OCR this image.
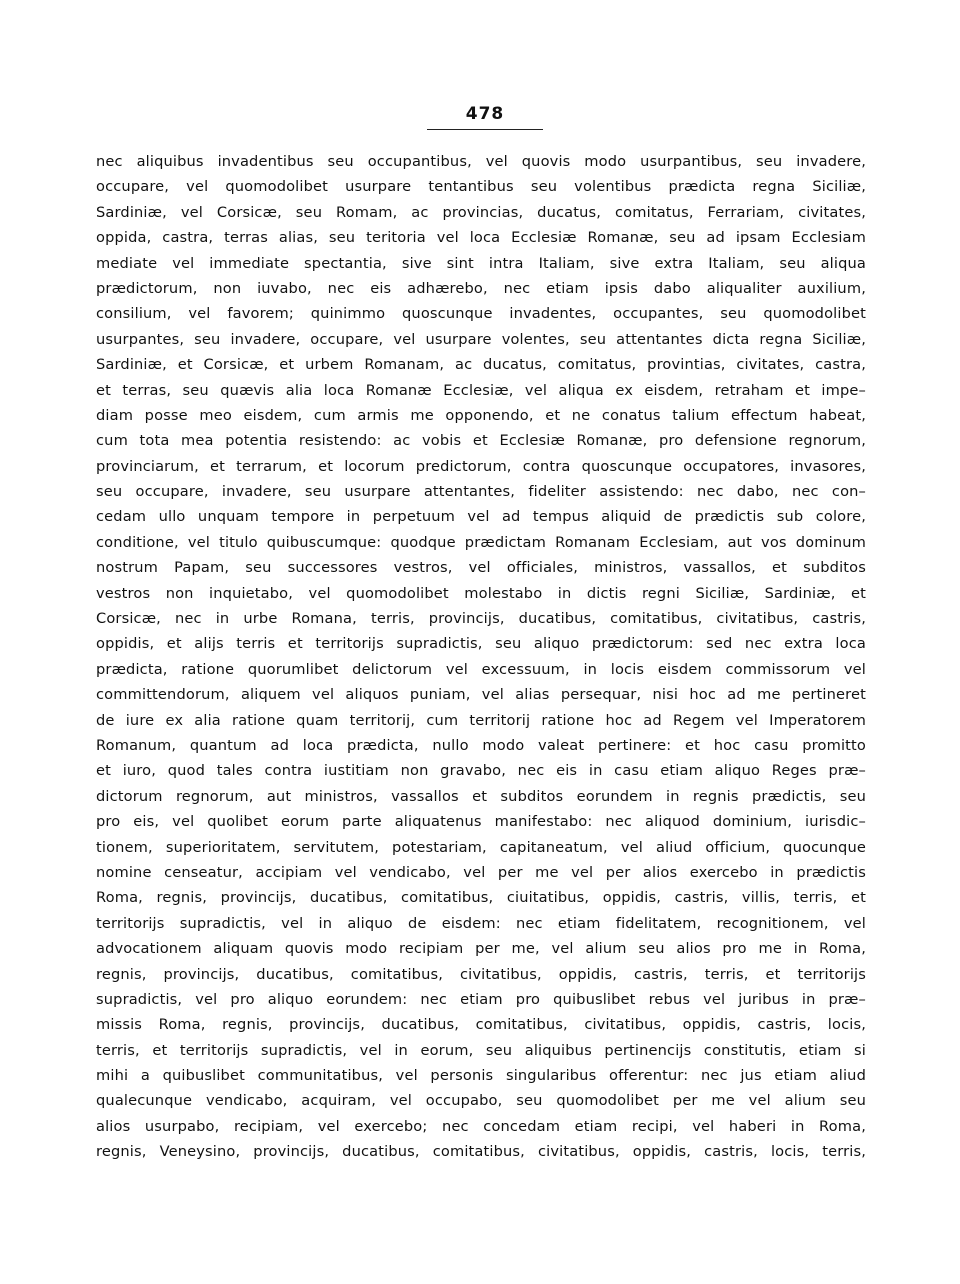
478
nec aliquibus invadentibus seu occupantibus, vel quovis modo usurpantibus, seu invadere,
occupare, vel quomodolibet usurpare tentantibus seu volentibus prædicta regna Siciliæ,
Sardiniæ, vel Corsicæ, seu Romam, ac provincias, ducatus, comitatus, Ferrariam, civitates,
oppida, castra, terras alias, seu teritoria vel loca Ecclesiæ Romanæ, seu ad ipsam Ecclesiam
mediate vel immediate spectantia, sive sint intra Italiam, sive extra Italiam, seu aliqua
prædictorum, non iuvabo, nec eis adhærebo, nec etiam ipsis dabo aliqualiter auxilium,
consilium, vel favorem; quinimmo quoscunque invadentes, occupantes, seu quomodolibet
usurpantes, seu invadere, occupare, vel usurpare volentes, seu attentantes dicta regna Siciliæ,
Sardiniæ, et Corsicæ, et urbem Romanam, ac ducatus, comitatus, provintias, civitates, castra,
et terras, seu quævis alia loca Romanæ Ecclesiæ, vel aliqua ex eisdem, retraham et impe–
diam posse meo eisdem, cum armis me opponendo, et ne conatus talium effectum habeat,
cum tota mea potentia resistendo: ac vobis et Ecclesiæ Romanæ, pro defensione regnorum,
provinciarum, et terrarum, et locorum predictorum, contra quoscunque occupatores, invasores,
seu occupare, invadere, seu usurpare attentantes, fideliter assistendo: nec dabo, nec con–
cedam ullo unquam tempore in perpetuum vel ad tempus aliquid de prædictis sub colore,
conditione, vel titulo quibuscumque: quodque prædictam Romanam Ecclesiam, aut vos dominum
nostrum Papam, seu successores vestros, vel officiales, ministros, vassallos, et subditos
vestros non inquietabo, vel quomodolibet molestabo in dictis regni Siciliæ, Sardiniæ, et
Corsicæ, nec in urbe Romana, terris, provincijs, ducatibus, comitatibus, civitatibus, castris,
oppidis, et alijs terris et territorijs supradictis, seu aliquo prædictorum: sed nec extra loca
prædicta, ratione quorumlibet delictorum vel excessuum, in locis eisdem commissorum vel
committendorum, aliquem vel aliquos puniam, vel alias persequar, nisi hoc ad me pertineret
de iure ex alia ratione quam territorij, cum territorij ratione hoc ad Regem vel Imperatorem
Romanum, quantum ad loca prædicta, nullo modo valeat pertinere: et hoc casu promitto
et iuro, quod tales contra iustitiam non gravabo, nec eis in casu etiam aliquo Reges præ–
dictorum regnorum, aut ministros, vassallos et subditos eorundem in regnis prædictis, seu
pro eis, vel quolibet eorum parte aliquatenus manifestabo: nec aliquod dominium, iurisdic–
tionem, superioritatem, servitutem, potestariam, capitaneatum, vel aliud officium, quocunque
nomine censeatur, accipiam vel vendicabo, vel per me vel per alios exercebo in prædictis
Roma, regnis, provincijs, ducatibus, comitatibus, ciuitatibus, oppidis, castris, villis, terris, et
territorijs supradictis, vel in aliquo de eisdem: nec etiam fidelitatem, recognitionem, vel
advocationem aliquam quovis modo recipiam per me, vel alium seu alios pro me in Roma,
regnis, provincijs, ducatibus, comitatibus, civitatibus, oppidis, castris, terris, et territorijs
supradictis, vel pro aliquo eorundem: nec etiam pro quibuslibet rebus vel juribus in præ–
missis Roma, regnis, provincijs, ducatibus, comitatibus, civitatibus, oppidis, castris, locis,
terris, et territorijs supradictis, vel in eorum, seu aliquibus pertinencijs constitutis, etiam si
mihi a quibuslibet communitatibus, vel personis singularibus offerentur: nec jus etiam aliud
qualecunque vendicabo, acquiram, vel occupabo, seu quomodolibet per me vel alium seu
alios usurpabo, recipiam, vel exercebo; nec concedam etiam recipi, vel haberi in Roma,
regnis, Veneysino, provincijs, ducatibus, comitatibus, civitatibus, oppidis, castris, locis, terris,
